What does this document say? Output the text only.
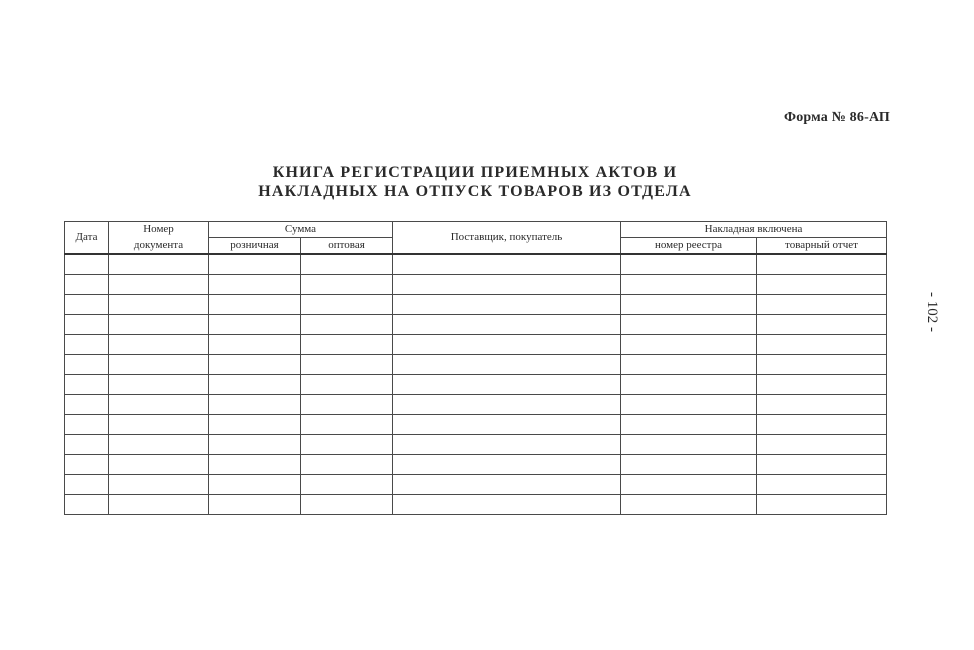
Форма № 86-АП
КНИГА РЕГИСТРАЦИИ ПРИЕМНЫХ АКТОВ И
НАКЛАДНЫХ НА ОТПУСК ТОВАРОВ ИЗ ОТДЕЛА
- 102 -
Дата	Номер	Сумма		Поставщик, покупатель	Накладная включена	
	документа	розничная	оптовая		номер реестра	товарный отчет
